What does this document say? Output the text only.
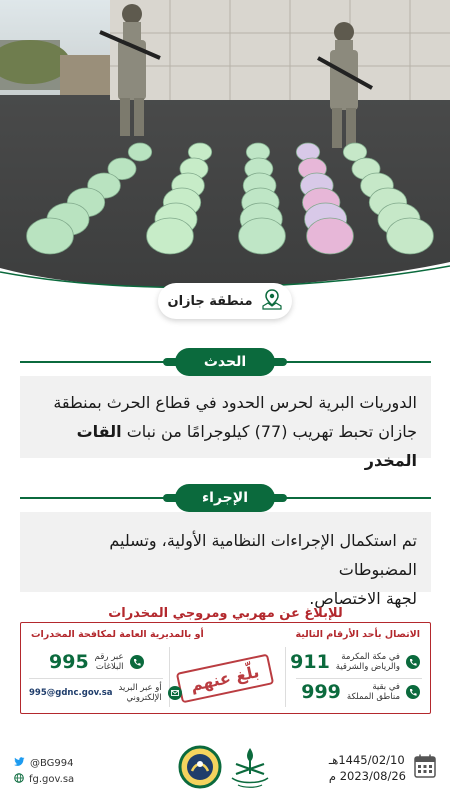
منطقة جازان
الحدث
الدوريات البرية لحرس الحدود في قطاع الحرث بمنطقة
جازان تحبط تهريب (77) كيلوجرامًا من نبات القات المخدر
الإجراء
تم استكمال الإجراءات النظامية الأولية، وتسليم المضبوطات
لجهة الاختصاص.
للإبلاغ عن مهربي ومروجي المخدرات
الاتصال بأحد الأرقام التالية
أو بالمديرية العامة لمكافحة المخدرات
في مكة المكرمة
والرياض والشرقية
911
في بقية
مناطق المملكة
999
بلّغ عنهم
عبر رقم
البلاغات
995
أو عبر البريد
الإلكتروني
995@gdnc.gov.sa
@BG994
fg.gov.sa
1445/02/10هـ
2023/08/26 م
